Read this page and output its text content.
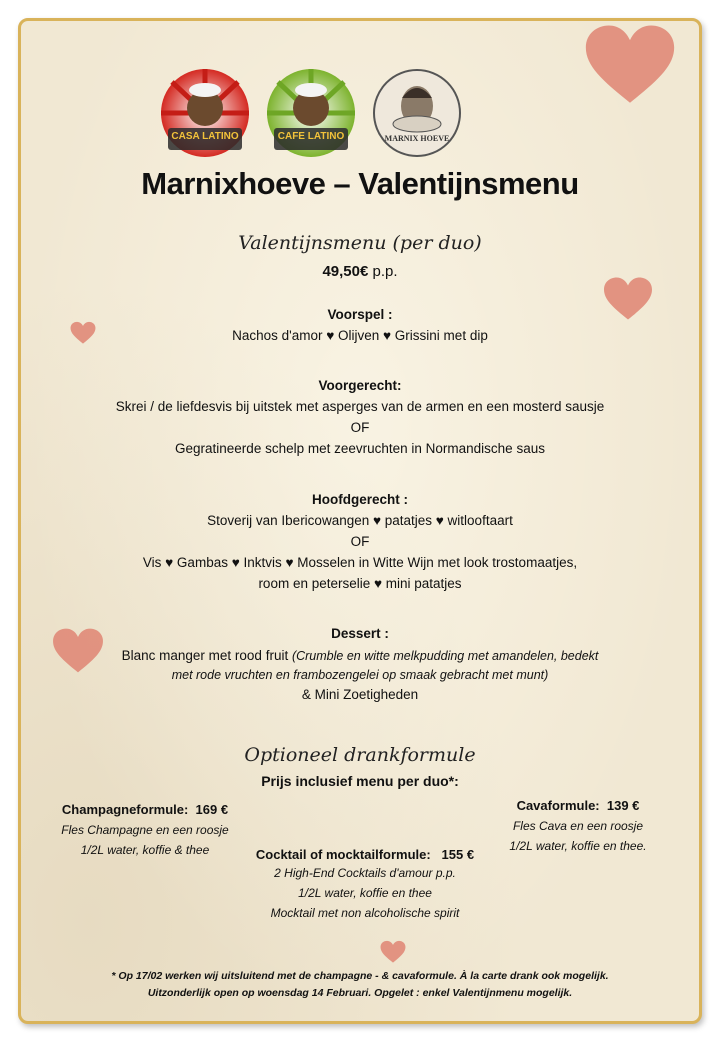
CASA LATINO	CAFE LATINO	MARNIX HOEVE
Marnixhoeve – Valentijnsmenu
Valentijnsmenu (per duo)
49,50€ p.p.
Voorspel :
Nachos d'amor ♥ Olijven ♥ Grissini met dip
Voorgerecht:
Skrei / de liefdesvis bij uitstek met asperges van de armen en een mosterd sausje
OF
Gegratineerde schelp met zeevruchten in Normandische saus
Hoofdgerecht :
Stoverij van Ibericowangen ♥ patatjes ♥ witlooftaart
OF
Vis ♥ Gambas ♥ Inktvis ♥ Mosselen in Witte Wijn met look trostomaatjes,
room en peterselie ♥ mini patatjes
Dessert :
Blanc manger met rood fruit (Crumble en witte melkpudding met amandelen, bedekt
met rode vruchten en frambozengelei op smaak gebracht met munt)
& Mini Zoetigheden
Optioneel drankformule
Prijs inclusief menu per duo*:
Champagneformule: 169 €
Fles Champagne en een roosje
1/2L water, koffie & thee
Cavaformule: 139 €
Fles Cava en een roosje
1/2L water, koffie en thee.
Cocktail of mocktailformule: 155 €
2 High-End Cocktails d'amour p.p.
1/2L water, koffie en thee
Mocktail met non alcoholische spirit
* Op 17/02 werken wij uitsluitend met de champagne - & cavaformule. À la carte drank ook mogelijk.
Uitzonderlijk open op woensdag 14 Februari. Opgelet : enkel Valentijnmenu mogelijk.
